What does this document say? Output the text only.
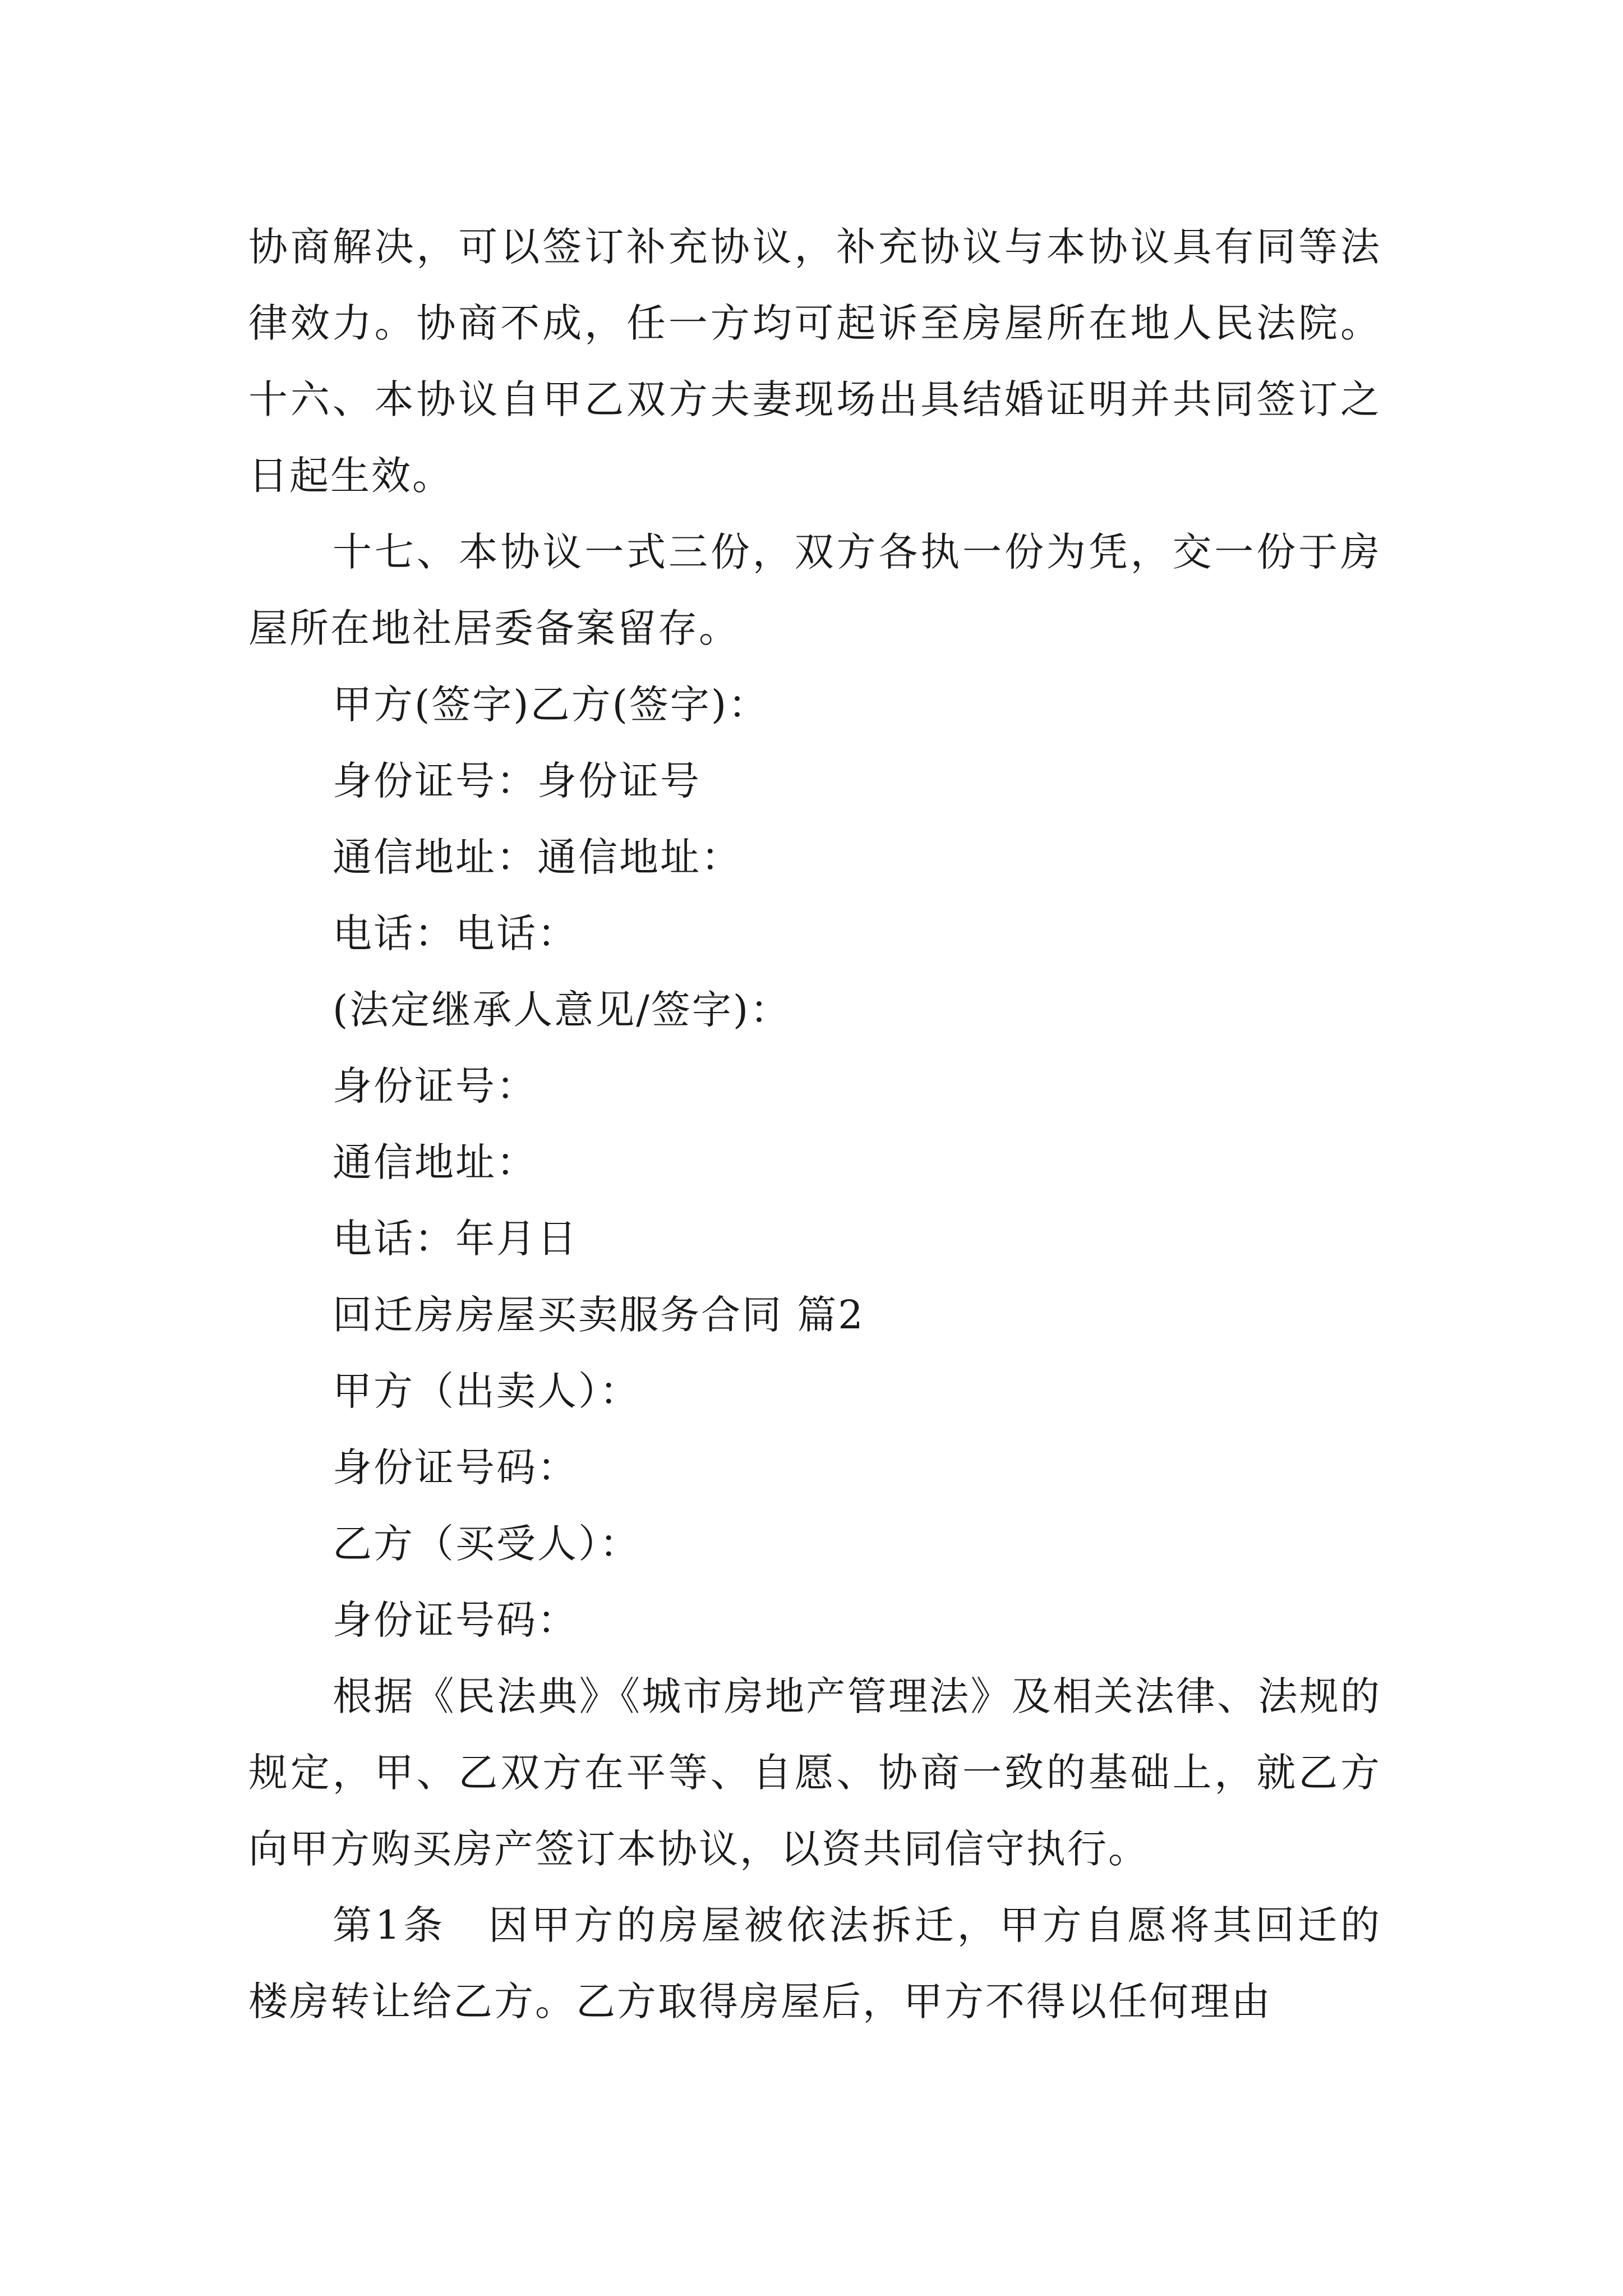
协商解决，可以签订补充协议，补充协议与本协议具有同等法律效力。协商不成，任一方均可起诉至房屋所在地人民法院。十六、本协议自甲乙双方夫妻现场出具结婚证明并共同签订之日起生效。

十七、本协议一式三份，双方各执一份为凭，交一份于房屋所在地社居委备案留存。

甲方(签字)乙方(签字)：

身份证号：身份证号

通信地址：通信地址：

电话：电话：

(法定继承人意见/签字)：

身份证号：

通信地址：

电话：年月日

回迁房房屋买卖服务合同 篇2

甲方（出卖人）：

身份证号码：

乙方（买受人）：

身份证号码：

根据《民法典》《城市房地产管理法》及相关法律、法规的规定，甲、乙双方在平等、自愿、协商一致的基础上，就乙方向甲方购买房产签订本协议，以资共同信守执行。

第1条　因甲方的房屋被依法拆迁，甲方自愿将其回迁的楼房转让给乙方。乙方取得房屋后，甲方不得以任何理由
